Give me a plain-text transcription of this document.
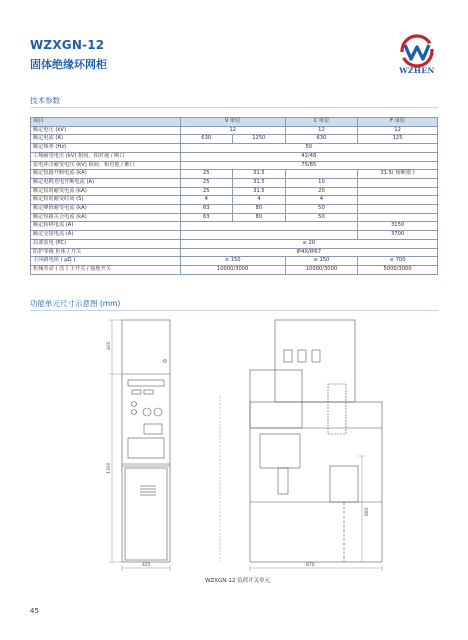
WZXGN-12
固体绝缘环网柜	WZHEN
技术参数
项目	V 单位		C 单位	F 单位
额定电压 (kV)	12		12	12
额定电流 (A)	630	1250	630	125
额定频率 (Hz)	50			
工频耐受电压 (kV) 相间、相对地 / 断口	42/48			
雷电冲击耐受电压 (kV) 相间、相对地 / 断口	75/85			
额定短路开断电流 (kA)	25	31.5		31.5( 熔断器 )
额定电缆充电开断电流 (A)	25	31.5	10	
额定短时耐受电流 (kA)	25	31.5	20	
额定短时耐受时间 (S)	4	4	4	
额定峰值耐受电流 (kA)	63	80	50	
额定短路关合电流 (kA)	63	80	50	
额定转移电流 (A)				3150
额定交接电流 (A)				3700
局部放电 (PC)	≤ 20			
防护等级 柜体 / 开关	IP4X/IP67			
主回路电阻 ( μΩ )	≤ 150		≤ 150	≤ 700
机械寿命 ( 次 ) 主开关 / 接地开关	10000/3000		10000/3000	5000/3000
功能单元尺寸示意图 (mm)
400
1300
425	870
880
WZXGN-12 负荷开关单元
45
